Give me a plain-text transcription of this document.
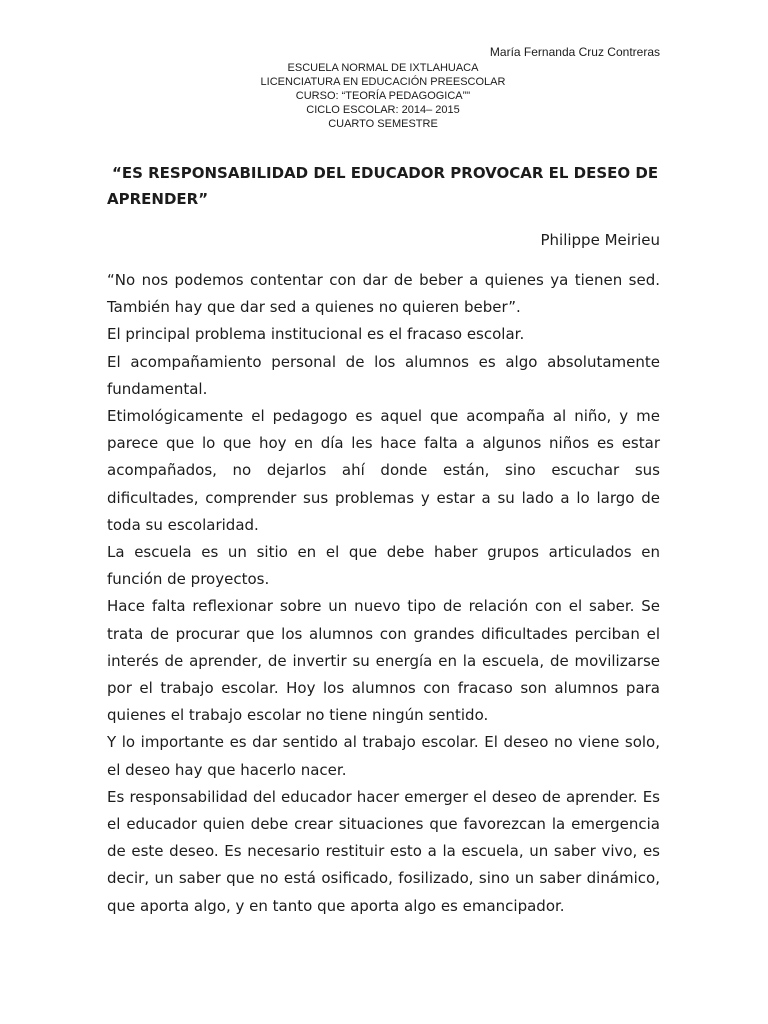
María Fernanda Cruz Contreras
ESCUELA NORMAL DE IXTLAHUACA
LICENCIATURA EN EDUCACIÓN PREESCOLAR
CURSO: “TEORÍA PEDAGOGICA”"
CICLO ESCOLAR: 2014– 2015
CUARTO SEMESTRE
“ES RESPONSABILIDAD DEL EDUCADOR PROVOCAR EL DESEO DE APRENDER”
Philippe Meirieu

“No nos podemos contentar con dar de beber a quienes ya tienen sed. También hay que dar sed a quienes no quieren beber”.

El principal problema institucional es el fracaso escolar.

El acompañamiento personal de los alumnos es algo absolutamente fundamental.

Etimológicamente el pedagogo es aquel que acompaña al niño, y me parece que lo que hoy en día les hace falta a algunos niños es estar acompañados, no dejarlos ahí donde están, sino escuchar sus dificultades, comprender sus problemas y estar a su lado a lo largo de toda su escolaridad.

La escuela es un sitio en el que debe haber grupos articulados en función de proyectos.

Hace falta reflexionar sobre un nuevo tipo de relación con el saber. Se trata de procurar que los alumnos con grandes dificultades perciban el interés de aprender, de invertir su energía en la escuela, de movilizarse por el trabajo escolar. Hoy los alumnos con fracaso son alumnos para quienes el trabajo escolar no tiene ningún sentido.

Y lo importante es dar sentido al trabajo escolar. El deseo no viene solo, el deseo hay que hacerlo nacer.

Es responsabilidad del educador hacer emerger el deseo de aprender. Es el educador quien debe crear situaciones que favorezcan la emergencia de este deseo. Es necesario restituir esto a la escuela, un saber vivo, es decir, un saber que no está osificado, fosilizado, sino un saber dinámico, que aporta algo, y en tanto que aporta algo es emancipador.
